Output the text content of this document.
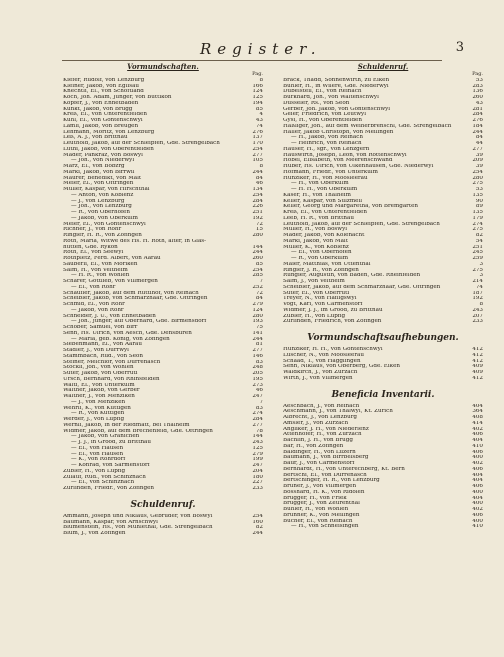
Register.	3
Vormundschaften.	Schuldenruf.
Pag.
Kiefer, Rudolf, von Lenzburg	8
Kleiner, Jakob, von Eglisau	166
Knechtli, El., von Schöftland	124
Koch, Joh. Adam, Jünger, von Büttikon	125
Köpfer, J., von Ennetbaden	194
Kunkt, Jakob, von Brugg	85
Kreß, El., von Unterentfelden	4
Kühl, El., von Gontenschwyl	43
Lämli, Jakob, von Breugen	74
Lehmann, Moritz, von Lenzburg	276
Leß, A. J., von Brittnau	137
Leuthold, Jakob, auf der Schleipfen, Gde. Strengelbach	170
Lüthi, Jakob, von Oberentfelden	254
Mäder, Pankraz, von Boswyl	277
— Joh., von Niederwyl	105
März, El., von Böbzrg	8
Märki, Jakob, von Birrwil	244
Maurer, Benedikt, von Malt	84
Meier, El., von Oftringen	46
Müller, Kaspar, von Hirschthal	134
— Anton, von Koblenz	254
— J., von Lenzburg	284
— Joh., von Lenzburg	226
— R., von Oberhofen	251
— Jakob, von Oberkulm	192
Meier, El., von Gontenschwyl	72
Richner, J., von Rohr	15
Ringier, H. R., von Zofingen	280
Roth, Maria, Witwe des Hs. H. Roth, älter, in Glas-
hütten, Gde. Rykon	144
Roth, El., von Seewyl	244
Rothpletz, Ferd. Albert, von Aarau	260
Säuberli, El., von Möriken	85
Salm, H., von Veltheim	254
— H. R., von Wohlen	285
Schärer, Gottlieb, von Villmergen	7
— El., von Rohr	252
Schaufler, Jakob, auf dem Rüttihof, von Reinach	72
Scheibler, Jakob, von Schmarzhaar, Gde. Oftringen	84
Schmid, El., von Rohr	279
— Jakob, von Rohr	124
Schneider, J. U., von Ennetbaden	280
— Joh., jünger, auf Oberhard, Gde. Birmensdorf	193
Schober, Samuel, von Birr	75
Senn, Hs. Ulrich, von Aesch, Gde. Densbüren	141
— Maria, geb. König, von Zofingen	244
Siebenmann, El., von Aarau	81
Stadler, J., von Dürrwyl	277
Stammbach, Rud., von Seon	146
Steiner, Melchior, von Dürrenäsch	83
Stöckli, Joh., von Wohlen	248
Suter, Jakob, von Oberrüti	205
Ursch, Bernhard, von Rhinsfelden	195
Wälti, El., von Unterkulm	273
Walther, Jakob, von Gerber	46
Walther, J., von Menziken	247
— J., von Menziken	7
Wehrli, K., von Küttigen	83
— R., von Küttigen	274
Werder, J., von Lupfig	284
Wernli, Jakob, in der Riedmatt, bei Thalheim	277
Widmer, Jakob, auf dem Brechenfeld, Gde. Oftringen	78
— Jakob, von Gränichen	144
— J. J., in Grood, zu Brittnau	243
— El., von Hausen	125
— El., von Hausen	279
— K., von Rohrdorf	199
— Konrad, von Sarmenstorf	247
Zubler, H., von Lupfig	204
Zulauf, Rud., von Schinznach	180
— El., von Schinznach	227
Zurlinden, Friedr., von Zofingen	233
Schuldenruf.
Ammann, Joseph und Niklaus, Gebrüder, von Boswyl	254
Baumann, Kaspar, von Arnschwyl	160
Blümenstein, Hs., von Mühlethal, Gde. Strengelbach	82
Blum, J., von Zofingen	244
Pag.
Brack, Thadd, Sonnenwirth, zu Eiken	53
Bühler, H., in Wilere, Gde. Niederwyl	283
Dubelsteil, El., von Reinach	136
Burkhard, Joh., von Waltenschwyl	260
Düsseler, Rs., von Seon	43
Gerber, Joh. Jakob, von Gontenschwyl	281
Geier, Friedrich, von Leutwyl	284
Gysi, H., von Oberentfelden	276
Häßliger, Joh., auf dem Weiherbrenschl, Gde. Strengelbach	184
Haller, Jakob Christoph, von Meilingen	244
— H., Jakob, von Reinach	84
— Heinrich, von Reinach	44
Hauser, H., sgr., von Lenzgern	277
Hauswirth, Joseph, Leon, von Rottenschwyl	39
Hobel, Elisabeth, von Meerenschwand	209
Huber, Hs. Ulrich, von Ulkenhausen, Gde. Niederwyl	39
Hofmann, Friedr., von Unterkulm	254
Hunziker, H., von Moosleerau	280
— H., von Oberkulm	275
— H. H., von Oberkulm	53
Käser, H., von Thalheim	135
Keller, Kaspar, von Sulzmeil	90
Keller, Georg und Margaretha, von Bremgarten	89
Kreß, El., von Unterentfelden	135
Leeb, H. R., von Brittnau	179
Leuthold, Jakob, auf der Schleipfen, Gde. Strengelbach	274
Müller, H., von Boswyl	275
Mäder, Jakob, von Kölenacht	82
Märki, Jakob, von Malt	54
Müller, K., von Koblenz	251
— El., von Oberhofen	245
— R., von Oberkulm	259
Maier, Matthias, von Uttenthal	3
Ringier, J. R., von Zofingen	275
Rüngier, Augustin, von Baden, Gde. Rheinfelden	3
Salm, J., von Veltheim	214
Scheibler, Jakob, auf dem Schmarzhaar, Gde. Oftringen	74
Suter, El., von Oberrüti	187
Treyer, N., von Häfligswyl	192
Vogt, Karl, von Carmenstorf	8
Widmer, J. J., im Grood, zu Brittnau	243
Zubler, H., von Lupfig	207
Zurlinden, Friedrich, von Zofingen	233
Vormundschaftsaufhebungen.
Hunziker, H. H., von Gontenschwyl	412
Lüscher, N., von Moosleerau	412
Schaad, T., von Hägglingen	412
Senn, Niklaus, von Oberberg, Gde. Eiken	409
Waldkirch, J., von Zurzach	409
Wirth, J., von Villmergen	412
Beneficia Inventarii.
Aeschbach, J., von Reinach	404
Aeschmann, J., von Thalwyl, Kt. Zürich	364
Albrecht, J., von Lenzburg	408
Amsler, J., von Zurzach	414
Angliker, J. H., von Niederlenz	402
Attenhofer, H., von Zurzach	406
Bächlin, J. H., von Brugg	404
Bär, H., von Zofingen	410
Baldinger, H., von Lüzern	406
Baumann, J., von Birrbelsberg	400
Baur, J., von Carmenstorf	402
Bernhardt, H., von Unterechberg, Kt. Bern	406
Bertschi, El., von Dürrenäsch	404
Bertschinger, H. R., von Lenzburg	404
Bruner, J., von Villmergen	406
Bosshard, H. K., von Ridolen	400
Brugger, H., von Friek	404
Brugger, J., von Zeurenthal	400
Bühler, H., von Wohlen	402
Brunner, K., von Meilingen	406
Bucher, El., von Reinach	400
— H., von Schneisingen	410
